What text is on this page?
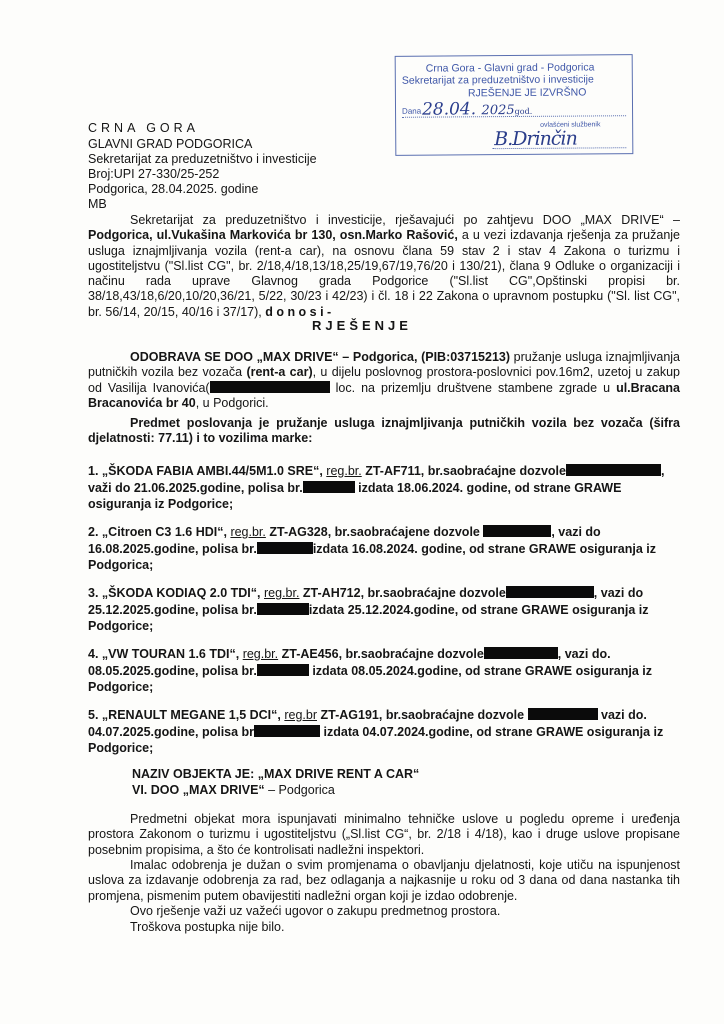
Crna Gora - Glavni grad - Podgorica
Sekretarijat za preduzetništvo i investicije
RJEŠENJE JE IZVRŠNO
Dana 28.04. 2025god.
ovlašćeni službenik
B.Drinčin
CRNA GORA
GLAVNI GRAD PODGORICA
Sekretarijat za preduzetništvo i investicije
Broj:UPI 27-330/25-252
Podgorica, 28.04.2025. godine
MB

Sekretarijat za preduzetništvo i investicije, rješavajući po zahtjevu DOO „MAX DRIVE“ – Podgorica, ul.Vukašina Markovića br 130, osn.Marko Rašović, a u vezi izdavanja rješenja za pružanje usluga iznajmljivanja vozila (rent-a car), na osnovu člana 59 stav 2 i stav 4 Zakona o turizmu i ugostiteljstvu ("Sl.list CG", br. 2/18,4/18,13/18,25/19,67/19,76/20 i 130/21), člana 9 Odluke o organizaciji i načinu rada uprave Glavnog grada Podgorice ("Sl.list CG",Opštinski propisi br. 38/18,43/18,6/20,10/20,36/21, 5/22, 30/23 i 42/23) i čl. 18 i 22 Zakona o upravnom postupku ("Sl. list CG", br. 56/14, 20/15, 40/16 i 37/17), d o n o s i -

RJEŠENJE

ODOBRAVA SE DOO „MAX DRIVE“ – Podgorica, (PIB:03715213) pružanje usluga iznajmljivanja putničkih vozila bez vozača (rent-a car), u dijelu poslovnog prostora-poslovnici pov.16m2, uzetoj u zakup od Vasilija Ivanovića(	loc. na prizemlju društvene stambene zgrade u ul.Bracana Bracanovića br 40, u Podgorici.

Predmet poslovanja je pružanje usluga iznajmljivanja putničkih vozila bez vozača (šifra djelatnosti: 77.11) i to vozilima marke:

1. „ŠKODA FABIA AMBI.44/5M1.0 SRE“, reg.br. ZT-AF711, br.saobraćajne dozvole	,
važi do 21.06.2025.godine, polisa br.	izdata 18.06.2024. godine, od strane GRAWE osiguranja iz Podgorice;

2. „Citroen C3 1.6 HDI“, reg.br. ZT-AG328, br.saobraćajene dozvole	, vazi do
16.08.2025.godine, polisa br.	izdata 16.08.2024. godine, od strane GRAWE osiguranja iz Podgorica;

3. „ŠKODA KODIAQ 2.0 TDI“, reg.br. ZT-AH712, br.saobraćajne dozvole	, vazi do
25.12.2025.godine, polisa br.	izdata 25.12.2024.godine, od strane GRAWE osiguranja iz Podgorice;

4. „VW TOURAN 1.6 TDI“, reg.br. ZT-AE456, br.saobraćajne dozvole	, vazi do.
08.05.2025.godine, polisa br.	izdata 08.05.2024.godine, od strane GRAWE osiguranja iz Podgorice;

5. „RENAULT MEGANE 1,5 DCI“, reg.br ZT-AG191, br.saobraćajne dozvole	vazi do.
04.07.2025.godine, polisa br	izdata 04.07.2024.godine, od strane GRAWE osiguranja iz Podgorice;

NAZIV OBJEKTA JE: „MAX DRIVE RENT A CAR“
VI. DOO „MAX DRIVE“ – Podgorica

Predmetni objekat mora ispunjavati minimalno tehničke uslove u pogledu opreme i uređenja prostora Zakonom o turizmu i ugostiteljstvu („Sl.list CG“, br. 2/18 i 4/18), kao i druge uslove propisane posebnim propisima, a što će kontrolisati nadležni inspektori.

Imalac odobrenja je dužan o svim promjenama o obavljanju djelatnosti, koje utiču na ispunjenost uslova za izdavanje odobrenja za rad, bez odlaganja a najkasnije u roku od 3 dana od dana nastanka tih promjena, pismenim putem obavijestiti nadležni organ koji je izdao odobrenje.

Ovo rješenje važi uz važeći ugovor o zakupu predmetnog prostora.

Troškova postupka nije bilo.
